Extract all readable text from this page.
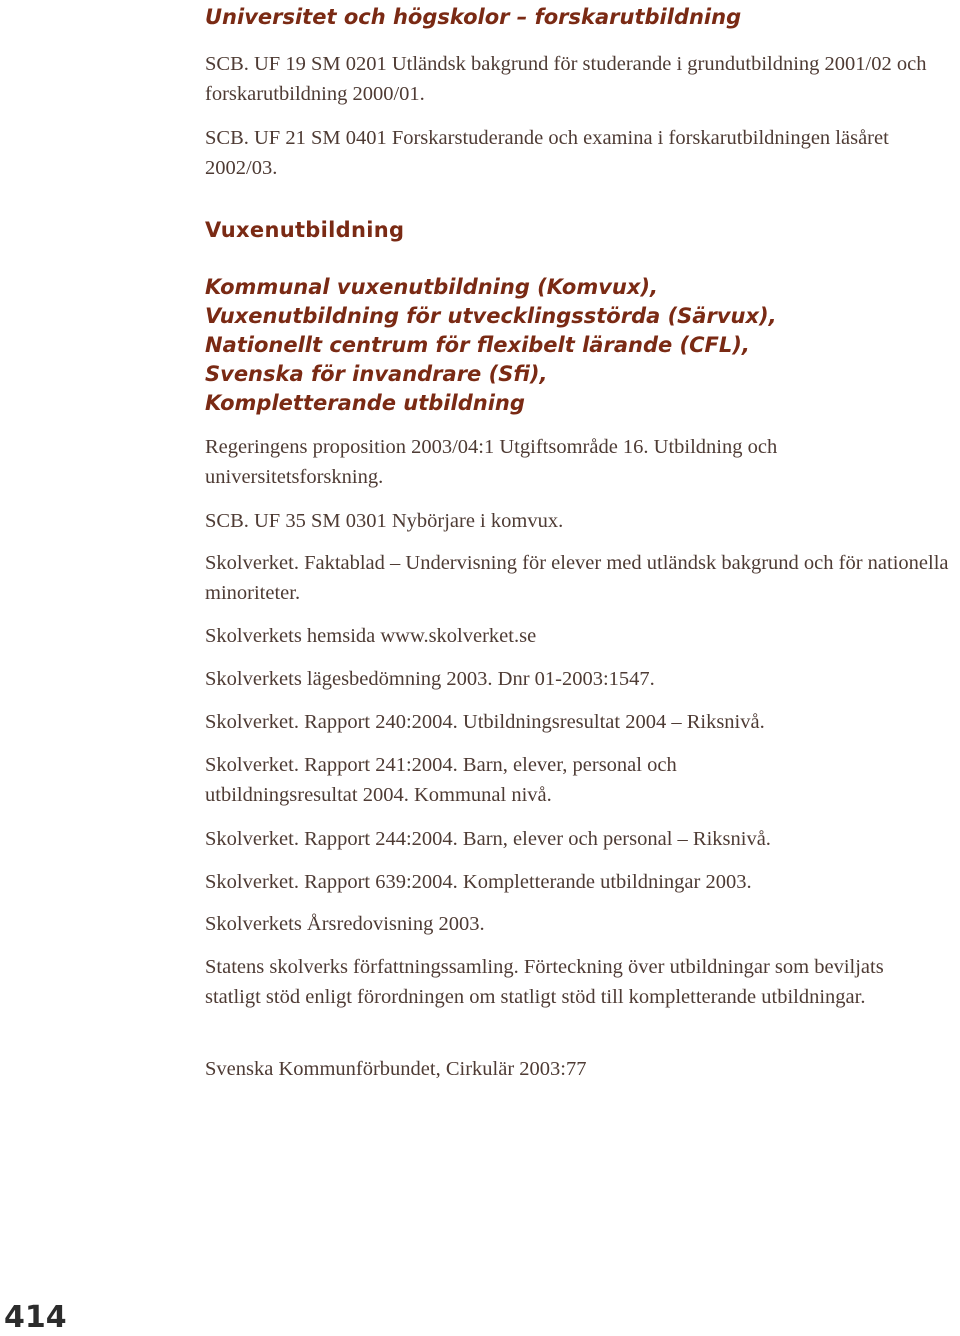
Universitet och högskolor – forskarutbildning

SCB. UF 19 SM 0201 Utländsk bakgrund för studerande i grundutbildning 2001/02 och forskarutbildning 2000/01.

SCB. UF 21 SM 0401 Forskarstuderande och examina i forskarutbildningen läsåret 2002/03.

Vuxenutbildning

Kommunal vuxenutbildning (Komvux),

Vuxenutbildning för utvecklingsstörda (Särvux),

Nationellt centrum för flexibelt lärande (CFL),

Svenska för invandrare (Sfi),

Kompletterande utbildning

Regeringens proposition 2003/04:1 Utgiftsområde 16. Utbildning och universitetsforskning.

SCB. UF 35 SM 0301 Nybörjare i komvux.

Skolverket. Faktablad – Undervisning för elever med utländsk bakgrund och för nationella minoriteter.

Skolverkets hemsida www.skolverket.se

Skolverkets lägesbedömning 2003. Dnr 01-2003:1547.

Skolverket. Rapport 240:2004. Utbildningsresultat 2004 – Riksnivå.

Skolverket. Rapport 241:2004. Barn, elever, personal och utbildningsresultat 2004. Kommunal nivå.

Skolverket. Rapport 244:2004. Barn, elever och personal – Riksnivå.

Skolverket. Rapport 639:2004. Kompletterande utbildningar 2003.

Skolverkets Årsredovisning 2003.

Statens skolverks författningssamling. Förteckning över utbildningar som beviljats statligt stöd enligt förordningen om statligt stöd till kompletterande utbildningar.

Svenska Kommunförbundet, Cirkulär 2003:77

414
